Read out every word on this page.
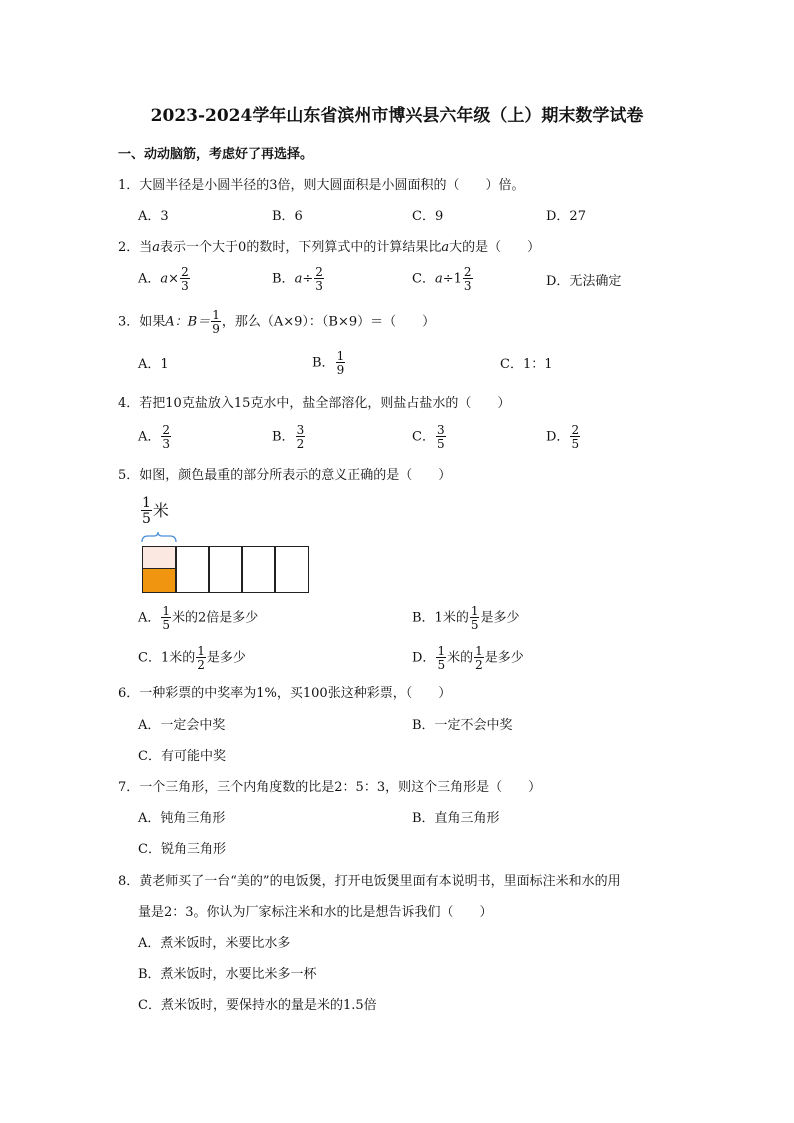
2023-2024学年山东省滨州市博兴县六年级（上）期末数学试卷
一、动动脑筋，考虑好了再选择。
1．大圆半径是小圆半径的3倍，则大圆面积是小圆面积的（　　）倍。
A．3	B．6	C．9	D．27
2．当a表示一个大于0的数时，下列算式中的计算结果比a大的是（　　）
A．$a\times \frac{2}{3}$	B．$a\div \frac{2}{3}$	C．$a\div 1 \frac{2}{3}$	D．无法确定
3．如果A：$B= \frac{1}{9}$ ，那么（A×9）：（B×9）＝（　　）
A．1	B． $\frac{1}{9}$	C．1：1
4．若把10克盐放入15克水中，盐全部溶化，则盐占盐水的（　　）
A． $\frac{2}{3}$	B． $\frac{3}{2}$	C． $\frac{3}{5}$	D． $\frac{2}{5}$
5．如图，颜色最重的部分所表示的意义正确的是（　　）
$\frac{1}{5}$ 米
A． $\frac{1}{5}$ 米的2倍是多少	B．1米的 $\frac{1}{5}$ 是多少
C．1米的 $\frac{1}{2}$ 是多少	D． $\frac{1}{5}$ 米的 $\frac{1}{2}$ 是多少
6．一种彩票的中奖率为1%，买100张这种彩票，（　　）
A．一定会中奖	B．一定不会中奖
C．有可能中奖
7．一个三角形，三个内角度数的比是2：5：3，则这个三角形是（　　）
A．钝角三角形	B．直角三角形
C．锐角三角形
8．黄老师买了一台“美的”的电饭煲，打开电饭煲里面有本说明书，里面标注米和水的用
量是2：3。你认为厂家标注米和水的比是想告诉我们（　　）
A．煮米饭时，米要比水多
B．煮米饭时，水要比米多一杯
C．煮米饭时，要保持水的量是米的1.5倍
